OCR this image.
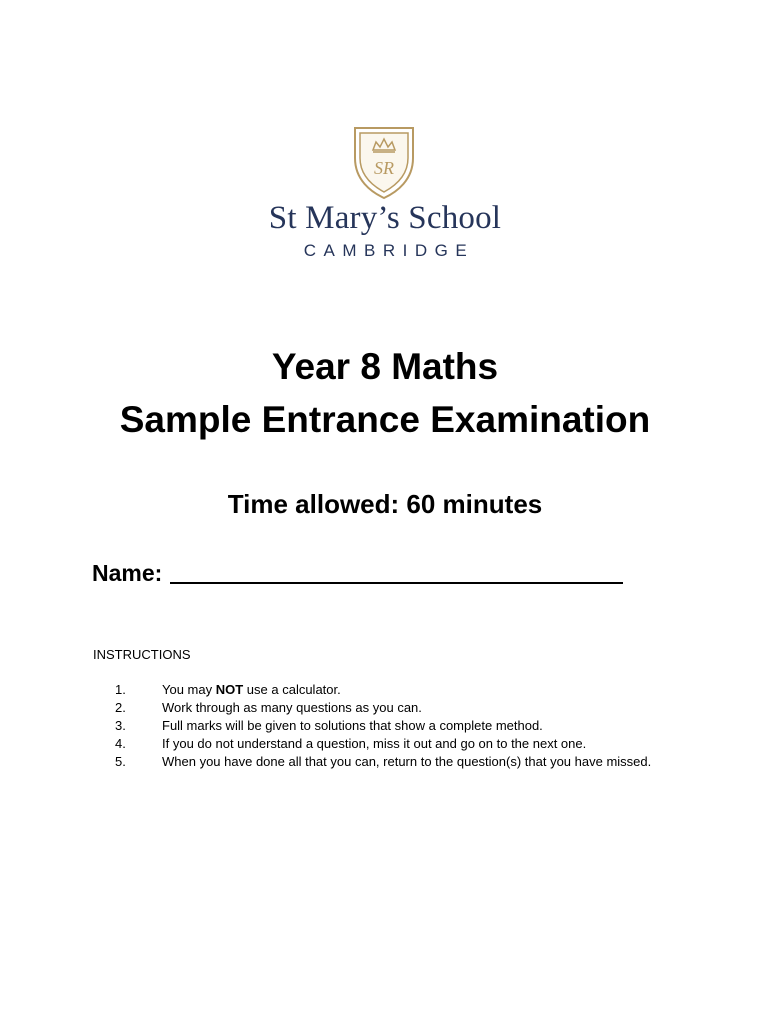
SR
St Mary’s School
CAMBRIDGE
Year 8 Maths
Sample Entrance Examination
Time allowed: 60 minutes
Name:
INSTRUCTIONS
1.	You may NOT use a calculator.
2.	Work through as many questions as you can.
3.	Full marks will be given to solutions that show a complete method.
4.	If you do not understand a question, miss it out and go on to the next one.
5.	When you have done all that you can, return to the question(s) that you have missed.
